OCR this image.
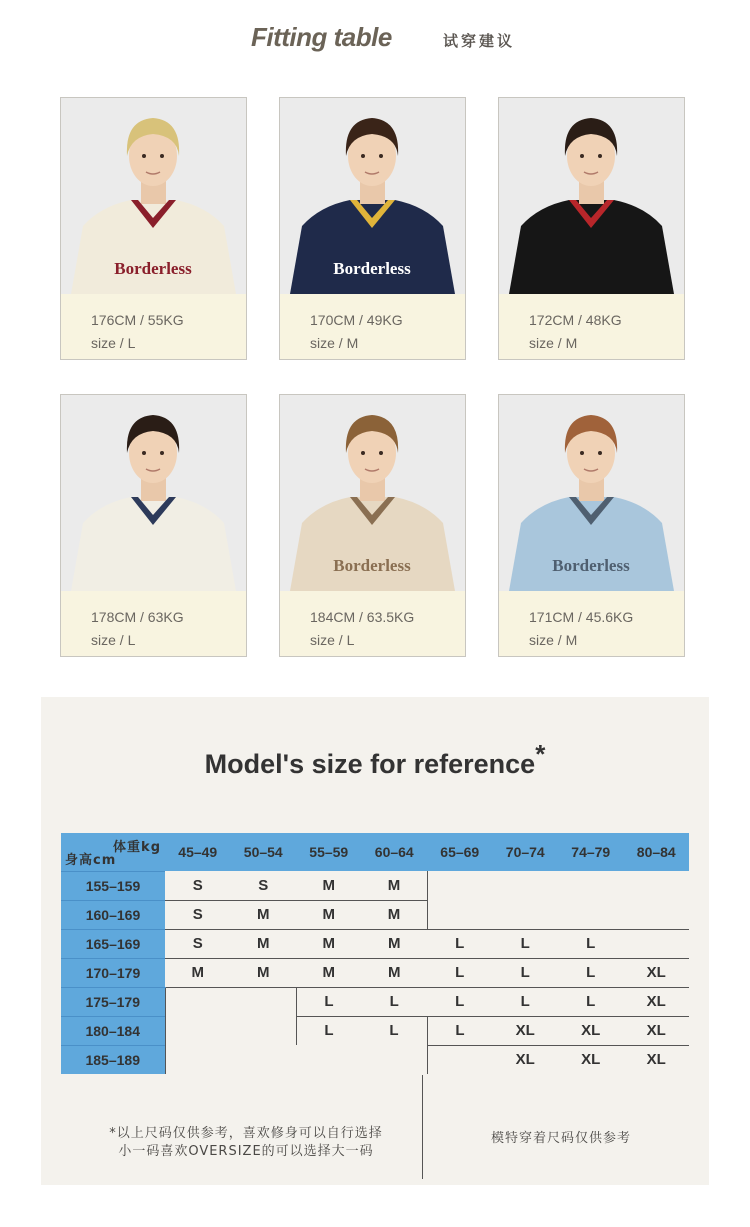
Fitting table	试穿建议
Borderless
176CM / 55KG
size / L
Borderless
170CM / 49KG
size / M
172CM / 48KG
size / M
178CM / 63KG
size / L
Borderless
184CM / 63.5KG
size / L
Borderless
171CM / 45.6KG
size / M
Model's size for reference*
体重kg
身高cm	45–49	50–54	55–59	60–64	65–69	70–74	74–79	80–84
155–159	S	S	M	M				
160–169	S	M	M	M				
165–169	S	M	M	M	L	L	L	
170–179	M	M	M	M	L	L	L	XL
175–179			L	L	L	L	L	XL
180–184			L	L	L	XL	XL	XL
185–189						XL	XL	XL
*以上尺码仅供参考，喜欢修身可以自行选择
小一码喜欢OVERSIZE的可以选择大一码
模特穿着尺码仅供参考
